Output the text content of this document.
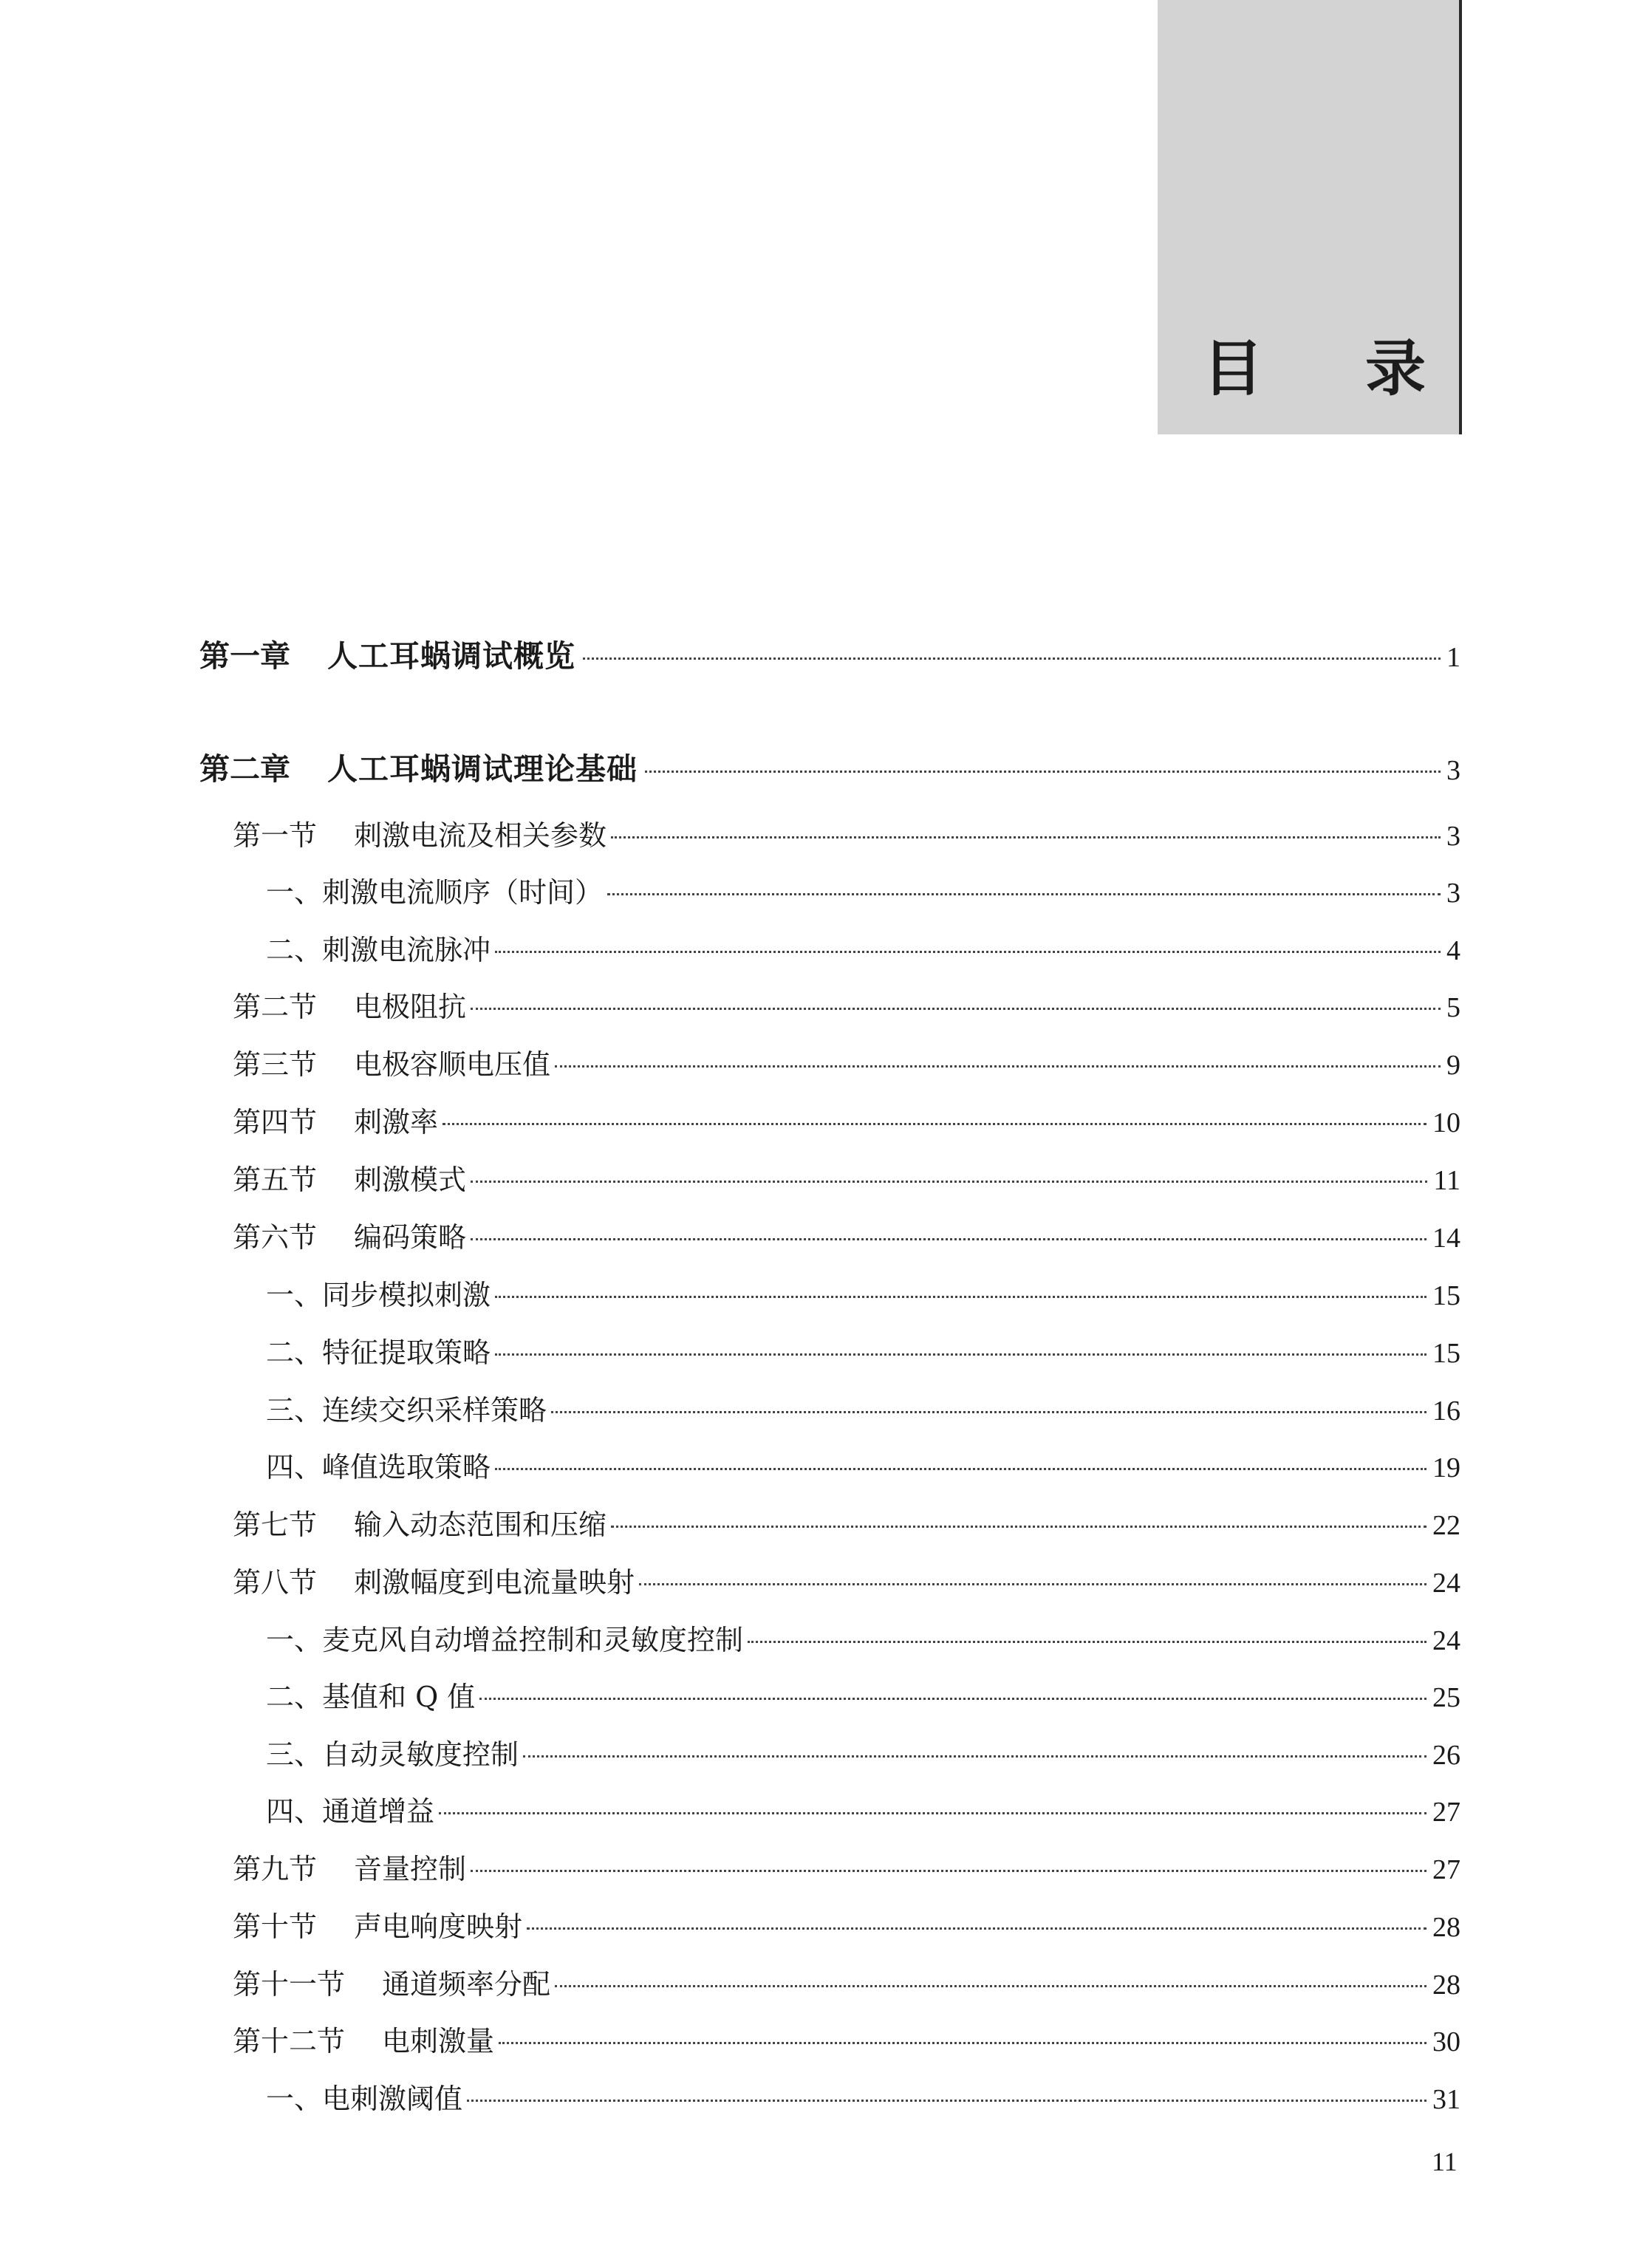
目 录
第一章 人工耳蜗调试概览	1
第二章 人工耳蜗调试理论基础	3
第一节 刺激电流及相关参数	3
一、刺激电流顺序（时间）	3
二、刺激电流脉冲	4
第二节 电极阻抗	5
第三节 电极容顺电压值	9
第四节 刺激率	10
第五节 刺激模式	11
第六节 编码策略	14
一、同步模拟刺激	15
二、特征提取策略	15
三、连续交织采样策略	16
四、峰值选取策略	19
第七节 输入动态范围和压缩	22
第八节 刺激幅度到电流量映射	24
一、麦克风自动增益控制和灵敏度控制	24
二、基值和 Q 值	25
三、自动灵敏度控制	26
四、通道增益	27
第九节 音量控制	27
第十节 声电响度映射	28
第十一节 通道频率分配	28
第十二节 电刺激量	30
一、电刺激阈值	31
11
